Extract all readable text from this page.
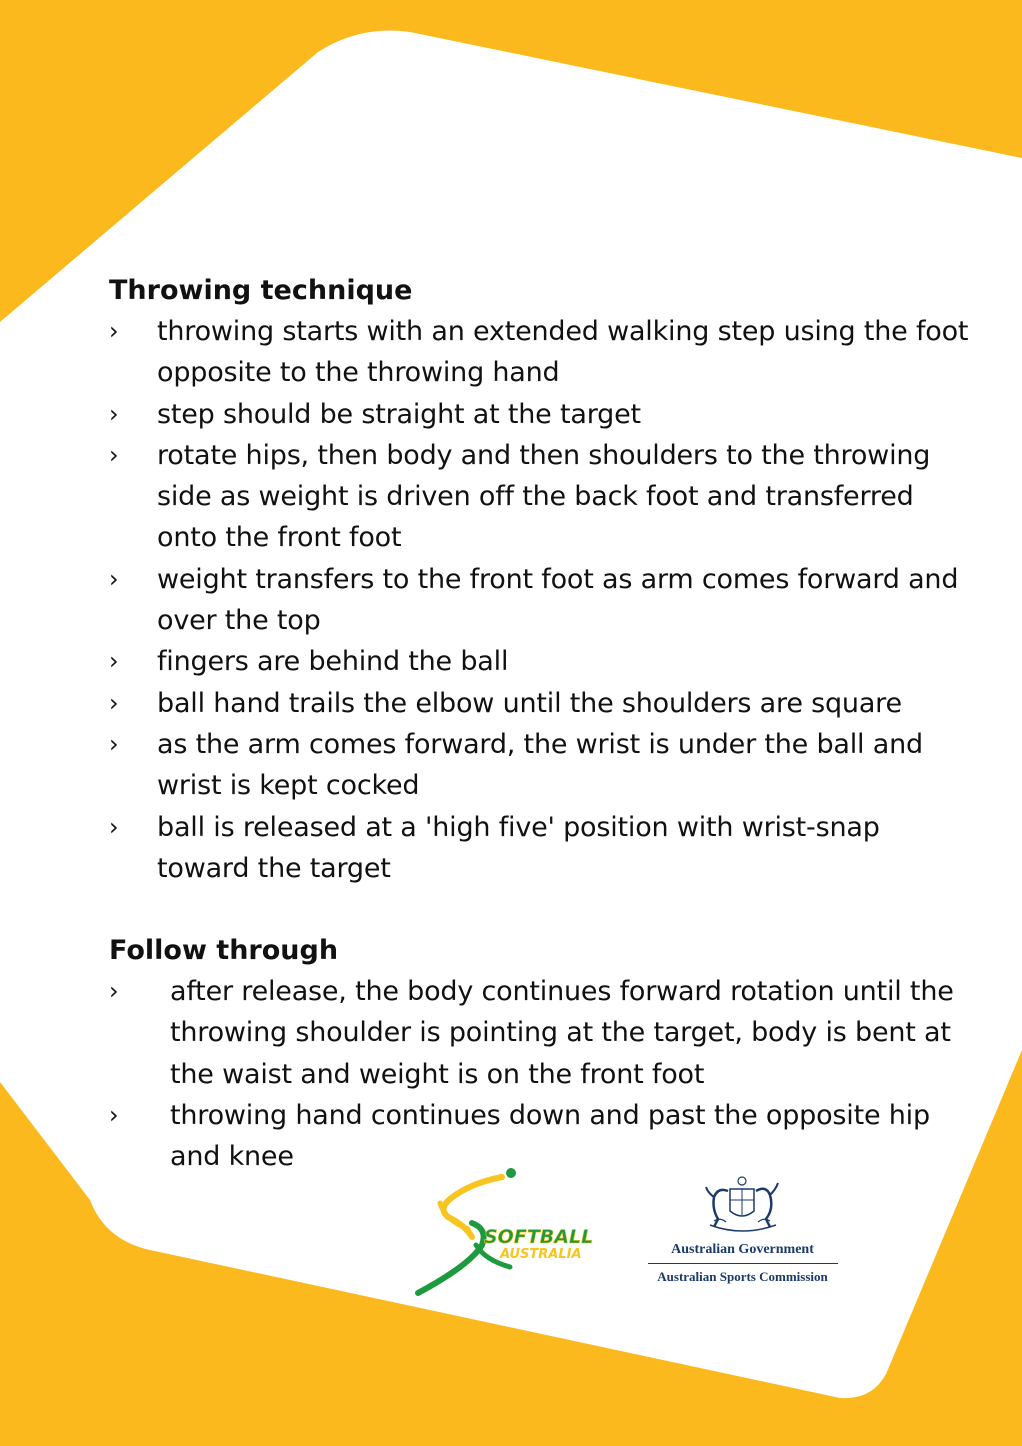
Throwing technique
› throwing starts with an extended walking step using the foot opposite to the throwing hand
› step should be straight at the target
› rotate hips, then body and then shoulders to the throwing side as weight is driven off the back foot and transferred onto the front foot
› weight transfers to the front foot as arm comes forward and over the top
› fingers are behind the ball
› ball hand trails the elbow until the shoulders are square
› as the arm comes forward, the wrist is under the ball and wrist is kept cocked
› ball is released at a 'high five' position with wrist-snap toward the target
Follow through
› after release, the body continues forward rotation until the throwing shoulder is pointing at the target, body is bent at the waist and weight is on the front foot
› throwing hand continues down and past the opposite hip and knee
SOFTBALL
AUSTRALIA	Australian Government
Australian Sports Commission
